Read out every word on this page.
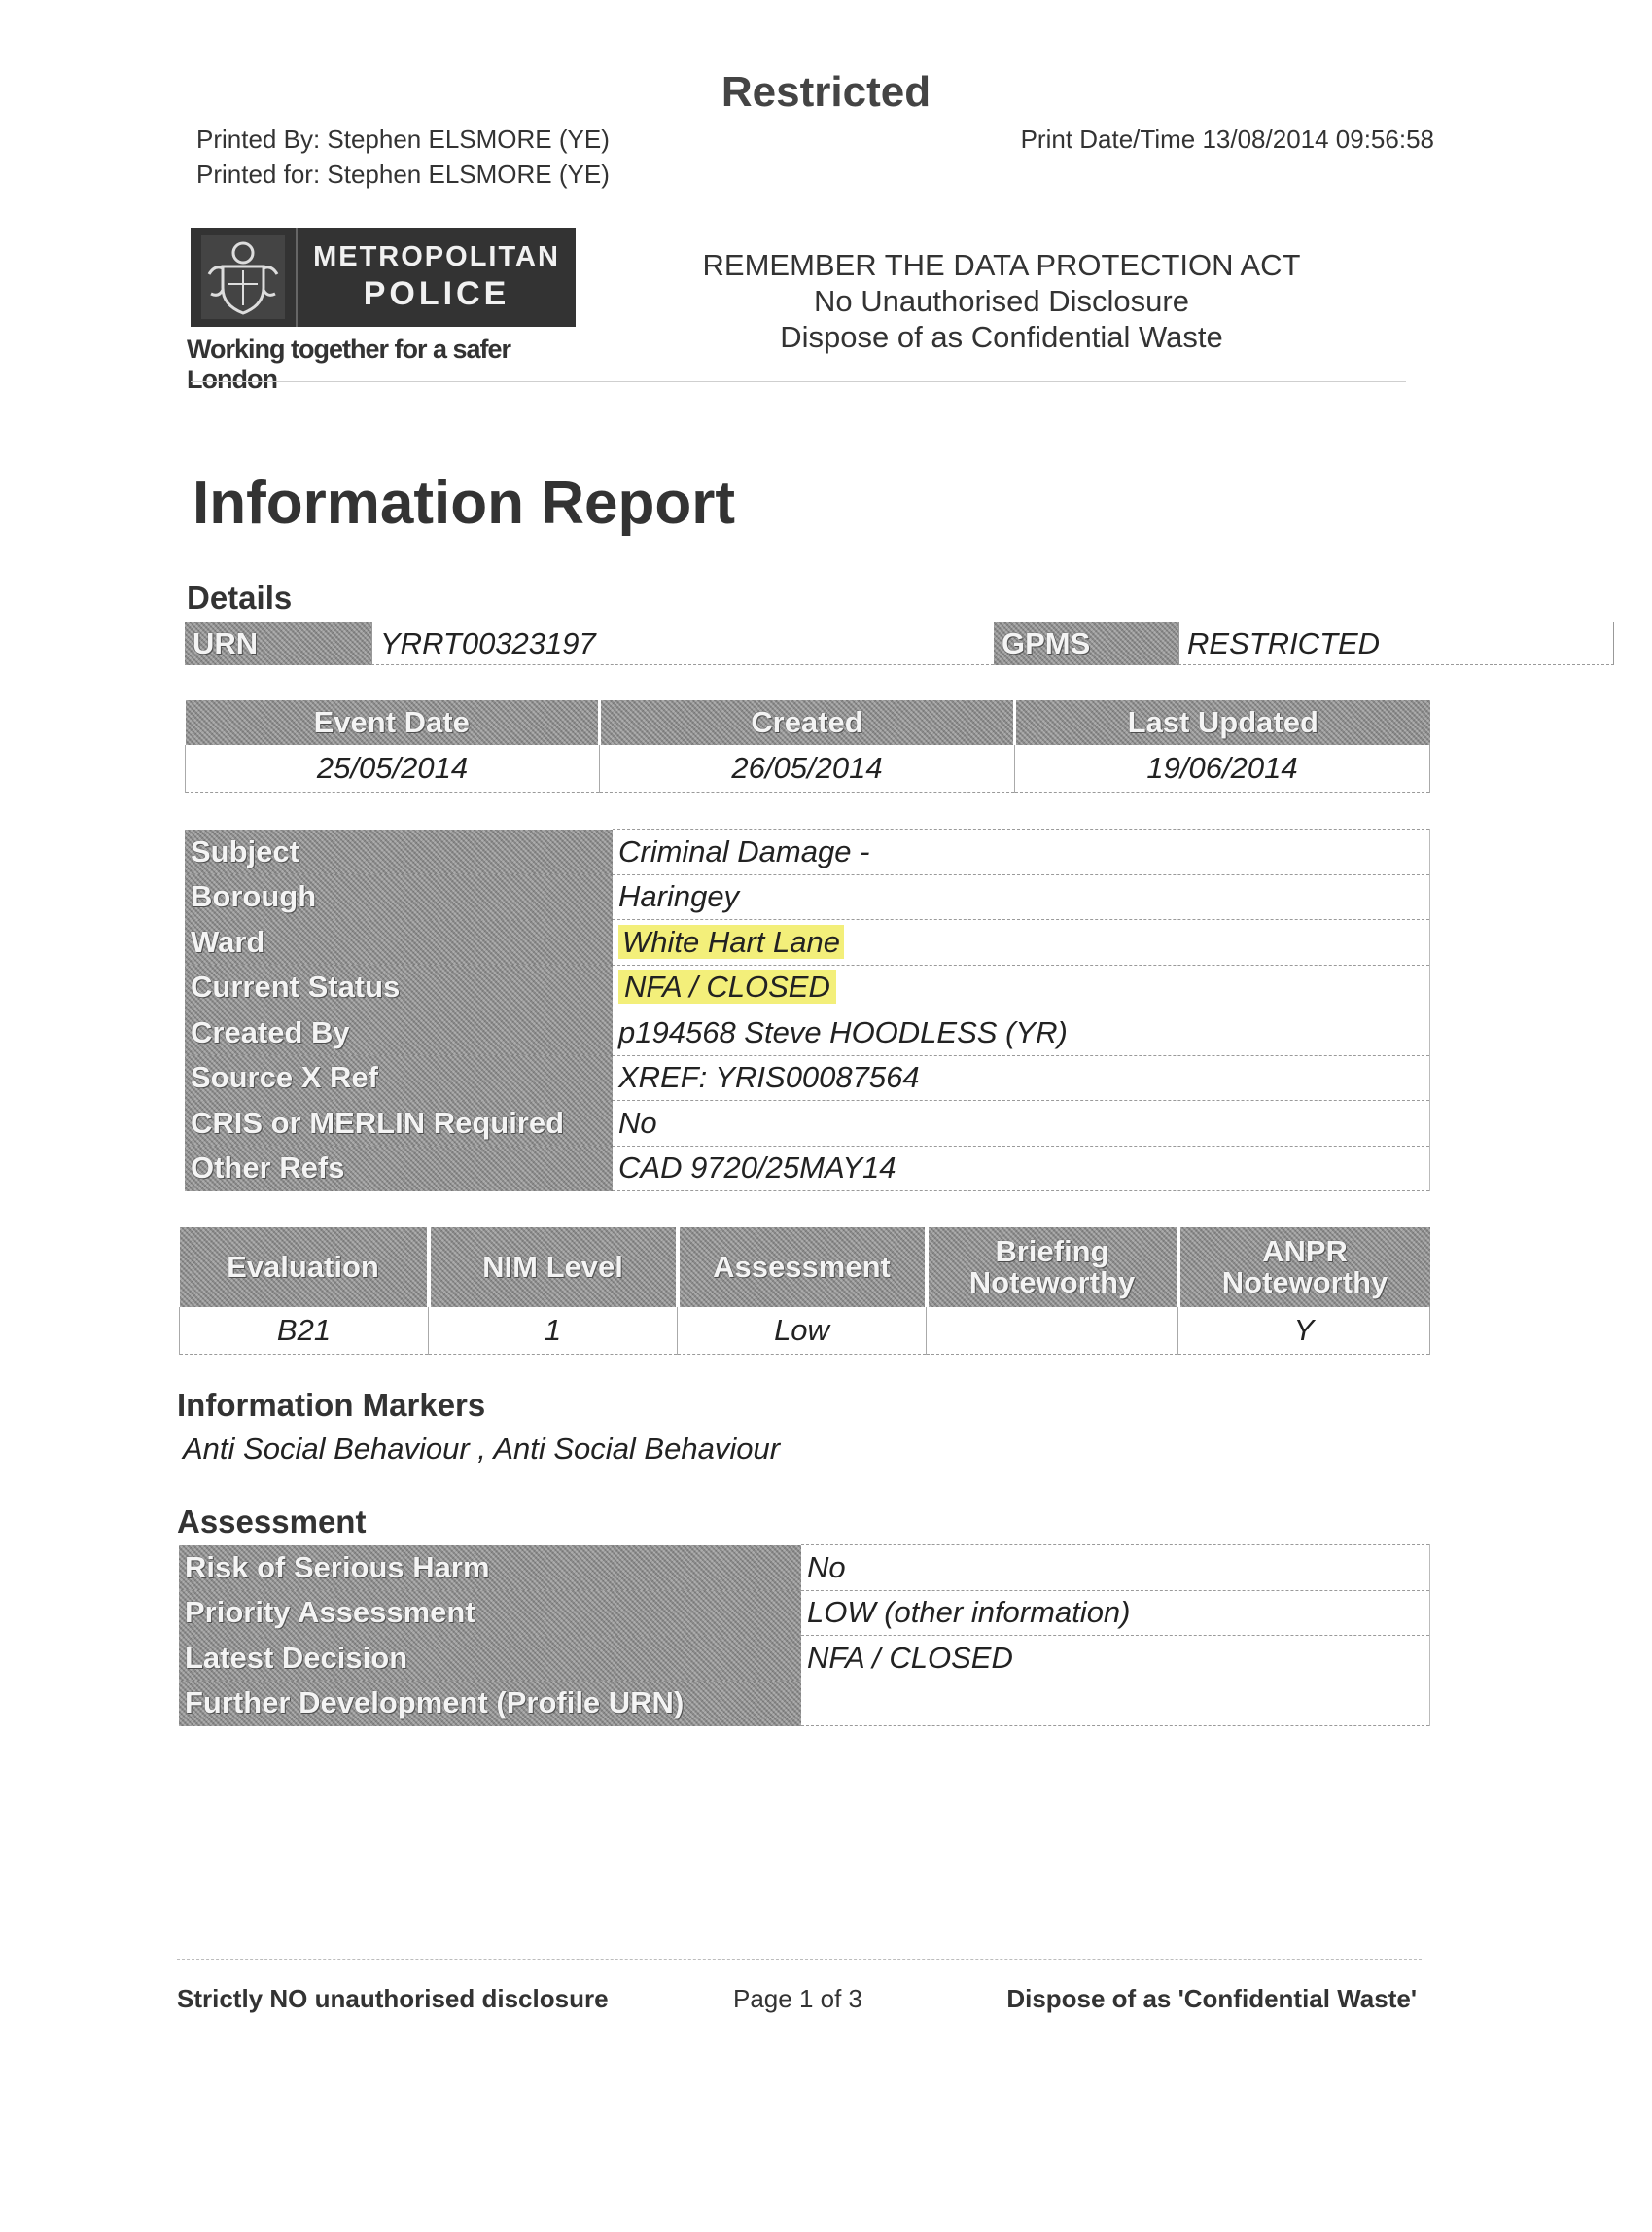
Restricted
Printed By: Stephen ELSMORE (YE)
Printed for: Stephen ELSMORE (YE)
Print Date/Time 13/08/2014 09:56:58
METROPOLITAN
POLICE
Working together for a safer London
REMEMBER THE DATA PROTECTION ACT
No Unauthorised Disclosure
Dispose of as Confidential Waste
Information Report
Details
URN	YRRT00323197	GPMS	RESTRICTED
Event Date	Created	Last Updated
25/05/2014	26/05/2014	19/06/2014
Subject	Criminal Damage -
Borough	Haringey
Ward	White Hart Lane
Current Status	NFA / CLOSED
Created By	p194568 Steve HOODLESS (YR)
Source X Ref	XREF: YRIS00087564
CRIS or MERLIN Required	No
Other Refs	CAD 9720/25MAY14
Evaluation	NIM Level	Assessment	Briefing Noteworthy	ANPR Noteworthy
B21	1	Low		Y
Information Markers
Anti Social Behaviour , Anti Social Behaviour
Assessment
Risk of Serious Harm	No
Priority Assessment	LOW (other information)
Latest Decision	NFA / CLOSED
Further Development (Profile URN)	
Strictly NO unauthorised disclosure	Page 1 of 3	Dispose of as 'Confidential Waste'
